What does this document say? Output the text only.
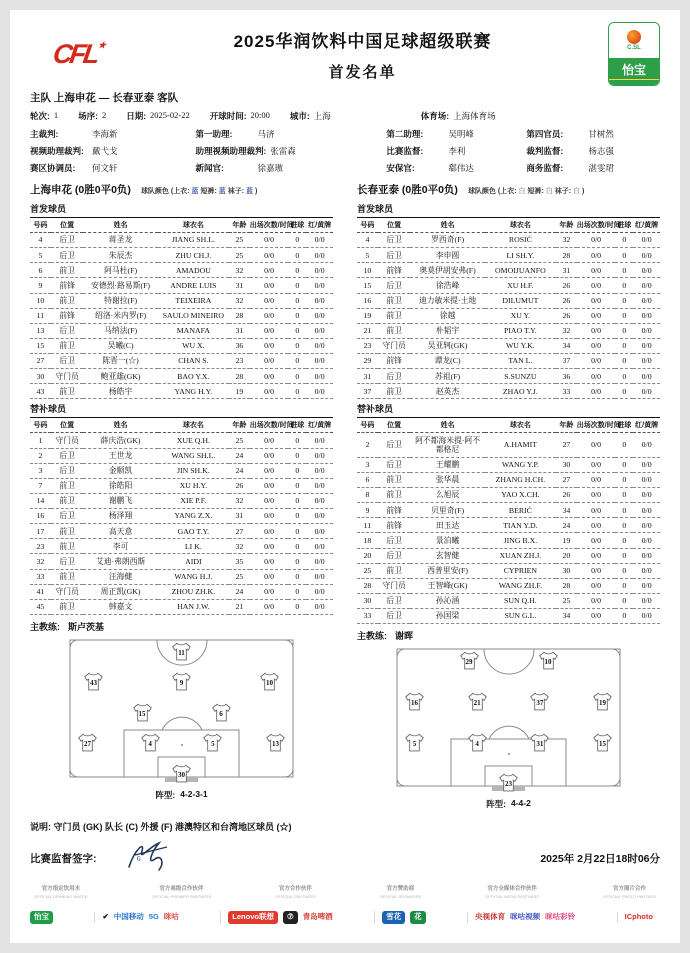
CFL★	2025华润饮料中国足球超级联赛
首发名单
C.SL
怡宝
主队 上海申花 — 长春亚泰 客队
轮次: 1 场序: 2 日期: 2025-02-22 开球时间: 20:00 城市: 上海	体育场: 上海体育场
主裁判:	李海新	第一助理:	马济	第二助理:	吴明峰	第四官员:	甘树然
视频助理裁判: 戴弋戈	助理视频助理裁判: 张雷森	比赛监督:	李利	裁判监督:	杨志强
赛区协调员:	何文轩	新闻官:	徐嘉璈	安保官:	郗伟达	商务监督:	湛雯珺
上海申花 (0胜0平0负) 球队颜色 (上衣: 蓝 短裤: 蓝 袜子: 蓝 )
首发球员
号码	位置	姓名	球衣名	年龄	出场次数/时间	进球	红/黄牌
4	后卫	蒋圣龙	JIANG SH.L.	25	0/0	0	0/0
5	后卫	朱辰杰	ZHU CH.J.	25	0/0	0	0/0
6	前卫	阿马杜(F)	AMADOU	32	0/0	0	0/0
9	前锋	安德烈·路易斯(F)	ANDRE LUIS	31	0/0	0	0/0
10	前卫	特谢拉(F)	TEIXEIRA	32	0/0	0	0/0
11	前锋	绍洛·米内罗(F)	SAULO MINEIRO	28	0/0	0	0/0
13	后卫	马纳法(F)	MANAFA	31	0/0	0	0/0
15	前卫	吴曦(C)	WU X.	36	0/0	0	0/0
27	后卫	陈晋一(☆)	CHAN S.	23	0/0	0	0/0
30	守门员	鲍亚雄(GK)	BAO Y.X.	28	0/0	0	0/0
43	前卫	杨皓宇	YANG H.Y.	19	0/0	0	0/0
替补球员
号码	位置	姓名	球衣名	年龄	出场次数/时间	进球	红/黄牌
1	守门员	薛庆浩(GK)	XUE Q.H.	25	0/0	0	0/0
2	后卫	王世龙	WANG SH.L.	24	0/0	0	0/0
3	后卫	金顺凯	JIN SH.K.	24	0/0	0	0/0
7	前卫	徐皓阳	XU H.Y.	26	0/0	0	0/0
14	前卫	谢鹏飞	XIE P.F.	32	0/0	0	0/0
16	后卫	杨泽翔	YANG Z.X.	31	0/0	0	0/0
17	前卫	高天意	GAO T.Y.	27	0/0	0	0/0
23	前卫	李可	LI K.	32	0/0	0	0/0
32	后卫	艾迪·弗朗西斯	AIDI	35	0/0	0	0/0
33	前卫	汪海健	WANG H.J.	25	0/0	0	0/0
41	守门员	周正凯(GK)	ZHOU ZH.K.	24	0/0	0	0/0
45	前卫	韩嘉文	HAN J.W.	21	0/0	0	0/0
主教练: 斯卢茨基
11
43	9	10
15	6
27	4	5	13
30
阵型: 4-2-3-1
长春亚泰 (0胜0平0负) 球队颜色 (上衣: 白 短裤: 白 袜子: 白 )
首发球员
号码	位置	姓名	球衣名	年龄	出场次数/时间	进球	红/黄牌
4	后卫	罗西奇(F)	ROSIĆ	32	0/0	0	0/0
5	后卫	李申圆	LI SH.Y.	28	0/0	0	0/0
10	前锋	奥莫伊胡安弗(F)	OMOIJUANFO	31	0/0	0	0/0
15	后卫	徐浩峰	XU H.F.	26	0/0	0	0/0
16	前卫	迪力敏米提·土地	DILUMUT	26	0/0	0	0/0
19	前卫	徐越	XU Y.	26	0/0	0	0/0
21	前卫	朴韬宇	PIAO T.Y.	32	0/0	0	0/0
23	守门员	吴亚轲(GK)	WU Y.K.	34	0/0	0	0/0
29	前锋	谭龙(C)	TAN L.	37	0/0	0	0/0
31	后卫	苏祖(F)	S.SUNZU	36	0/0	0	0/0
37	前卫	赵英杰	ZHAO Y.J.	33	0/0	0	0/0
替补球员
号码	位置	姓名	球衣名	年龄	出场次数/时间	进球	红/黄牌
2	后卫	阿不都海米提·阿不都格尼	A.HAMIT	27	0/0	0	0/0
3	后卫	王耀鹏	WANG Y.P.	30	0/0	0	0/0
6	前卫	张华晨	ZHANG H.CH.	27	0/0	0	0/0
8	前卫	么旭辰	YAO X.CH.	26	0/0	0	0/0
9	前锋	贝里奇(F)	BERIĆ	34	0/0	0	0/0
11	前锋	田玉达	TIAN Y.D.	24	0/0	0	0/0
18	后卫	景泊曦	JING B.X.	19	0/0	0	0/0
20	后卫	玄智健	XUAN ZH.J.	20	0/0	0	0/0
25	前卫	西普里安(F)	CYPRIEN	30	0/0	0	0/0
28	守门员	王智峰(GK)	WANG ZH.F.	28	0/0	0	0/0
30	后卫	孙沁涵	SUN Q.H.	25	0/0	0	0/0
33	后卫	孙国梁	SUN G.L.	34	0/0	0	0/0
主教练: 谢晖
29	10
16	21	37	19
5	4	31	15
23
阵型: 4-4-2
说明: 守门员 (GK) 队长 (C) 外援 (F) 港澳特区和台湾地区球员 (☆)
比赛监督签字:	6	2025年 2月22日18时06分
官方指定饮用水
OFFICIAL DRINKING WATER
官方高级合作伙伴
OFFICIAL PREMIER PARTNERS
官方合作伙伴
OFFICIAL PARTNERS
官方赞助商
OFFICIAL SPONSORS
官方全媒体合作伙伴
OFFICIAL MEDIA PARTNERS
官方图片合作
OFFICIAL PHOTO PARTNER
怡宝	✔ 中国移动 5G 咪咕	Lenovo联想	⑦	青岛啤酒	雪花	花	央视体育 咪咕视频 咪咕彩铃	ICphoto
